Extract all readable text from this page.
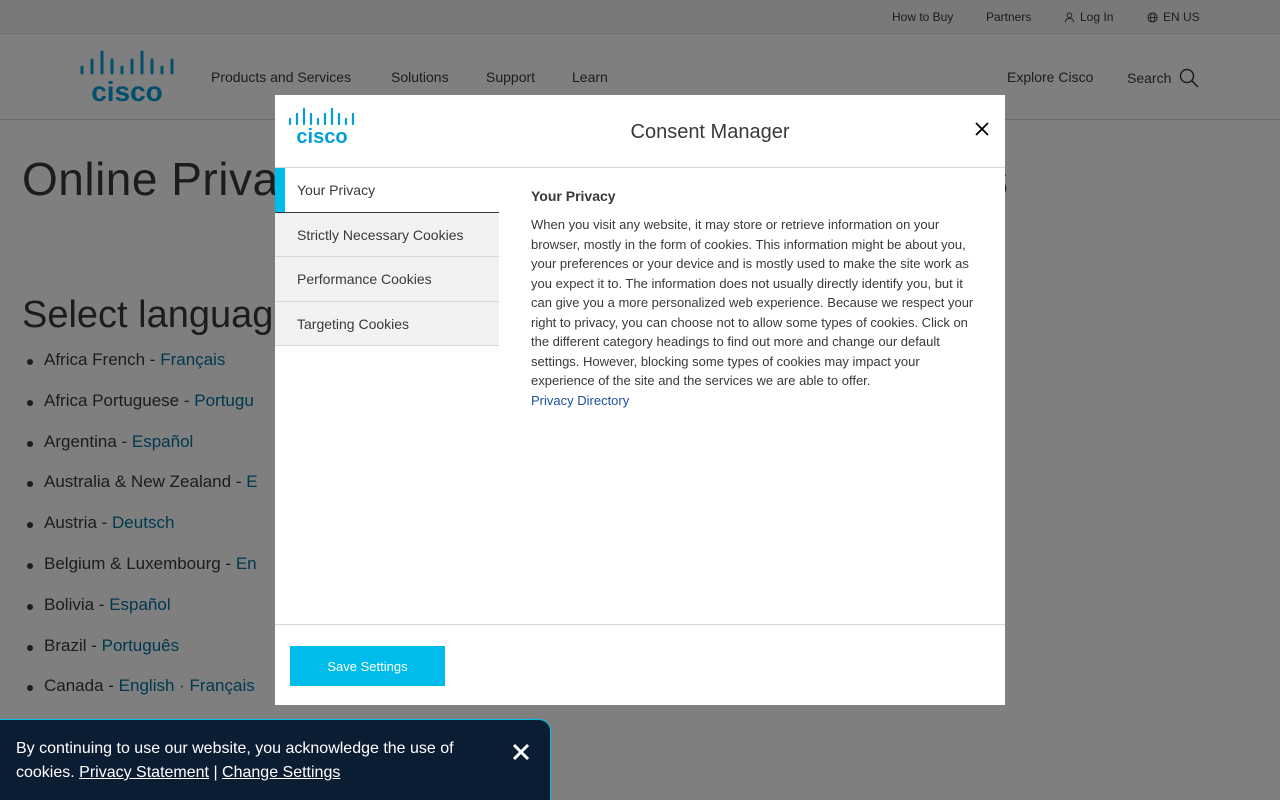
cisco	Consent Manager
Your Privacy
Strictly Necessary Cookies
Performance Cookies
Targeting Cookies
Your Privacy

When you visit any website, it may store or retrieve information on your browser, mostly in the form of cookies. This information might be about you, your preferences or your device and is mostly used to make the site work as you expect it to. The information does not usually directly identify you, but it can give you a more personalized web experience. Because we respect your right to privacy, you can choose not to allow some types of cookies. Click on the different category headings to find out more and change our default settings. However, blocking some types of cookies may impact your experience of the site and the services we are able to offer.

Privacy Directory
Save Settings
By continuing to use our website, you acknowledge the use of cookies. Privacy Statement | Change Settings
